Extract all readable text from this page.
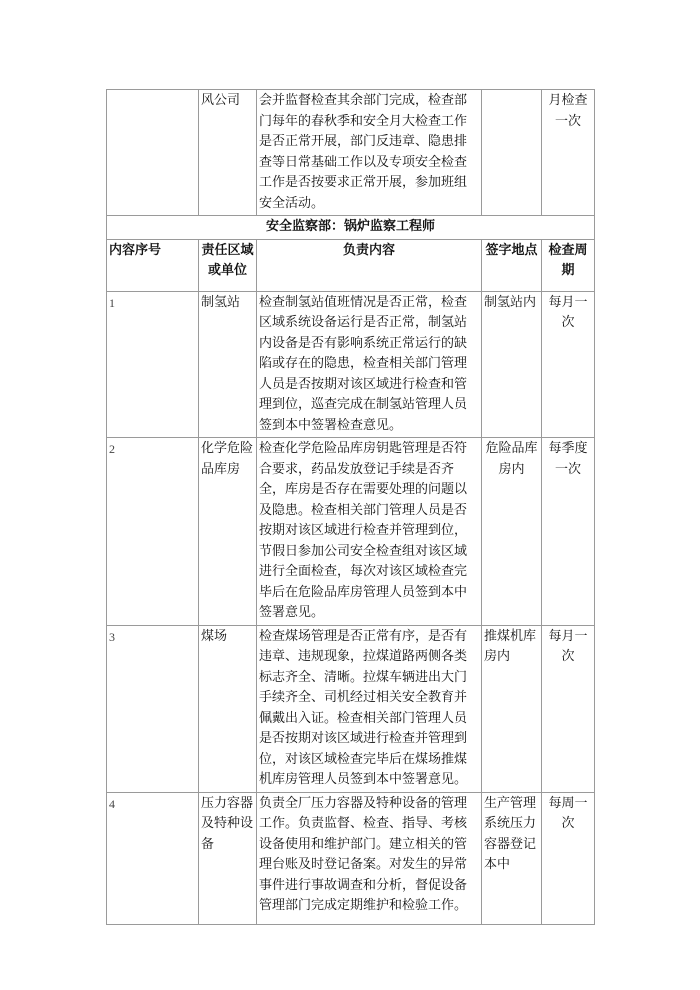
	风公司	会并监督检查其余部门完成，检查部门每年的春秋季和安全月大检查工作是否正常开展，部门反违章、隐患排查等日常基础工作以及专项安全检查工作是否按要求正常开展，参加班组安全活动。		月检查一次
安全监察部：锅炉监察工程师				
内容序号	责任区域或单位	负责内容	签字地点	检查周期
1	制氢站	检查制氢站值班情况是否正常，检查区域系统设备运行是否正常，制氢站内设备是否有影响系统正常运行的缺陷或存在的隐患，检查相关部门管理人员是否按期对该区域进行检查和管理到位，巡查完成在制氢站管理人员签到本中签署检查意见。	制氢站内	每月一次
2	化学危险品库房	检查化学危险品库房钥匙管理是否符合要求，药品发放登记手续是否齐全，库房是否存在需要处理的问题以及隐患。检查相关部门管理人员是否按期对该区域进行检查并管理到位，节假日参加公司安全检查组对该区域进行全面检查，每次对该区域检查完毕后在危险品库房管理人员签到本中签署意见。	危险品库房内	每季度一次
3	煤场	检查煤场管理是否正常有序，是否有违章、违规现象，拉煤道路两侧各类标志齐全、清晰。拉煤车辆进出大门手续齐全、司机经过相关安全教育并佩戴出入证。检查相关部门管理人员是否按期对该区域进行检查并管理到位，对该区域检查完毕后在煤场推煤机库房管理人员签到本中签署意见。	推煤机库房内	每月一次
4	压力容器及特种设备	负责全厂压力容器及特种设备的管理工作。负责监督、检查、指导、考核设备使用和维护部门。建立相关的管理台账及时登记备案。对发生的异常事件进行事故调查和分析，督促设备管理部门完成定期维护和检验工作。	生产管理系统压力容器登记本中	每周一次
